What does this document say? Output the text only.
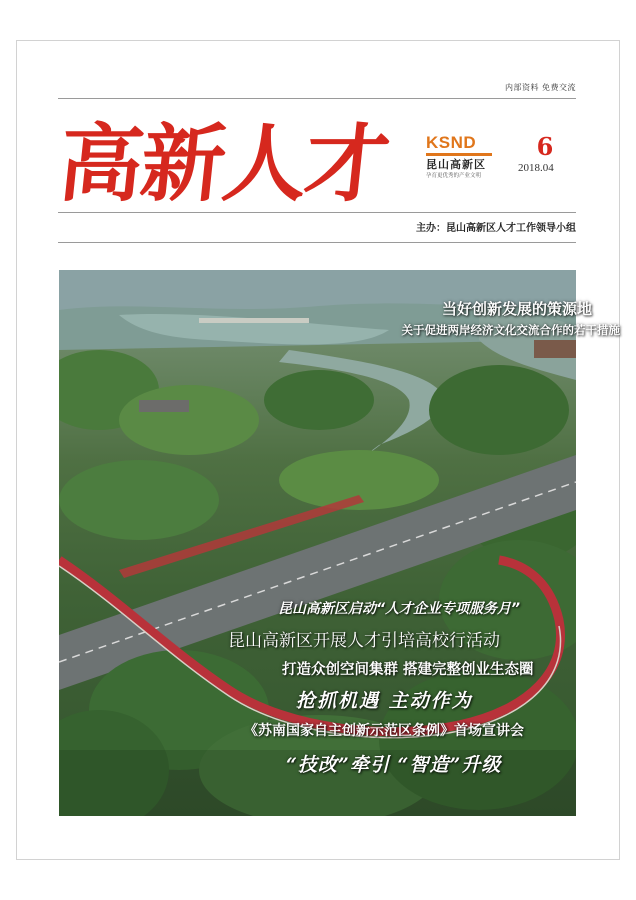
内部资料 免费交流
高新人才	KSND
昆山高新区
孕育更优秀的产业文明
6
2018.04
主办：昆山高新区人才工作领导小组
当好创新发展的策源地
关于促进两岸经济文化交流合作的若干措施
昆山高新区启动“人才企业专项服务月”
昆山高新区开展人才引培高校行活动
打造众创空间集群 搭建完整创业生态圈
抢抓机遇 主动作为
《苏南国家自主创新示范区条例》首场宣讲会
“技改”牵引 “智造”升级
